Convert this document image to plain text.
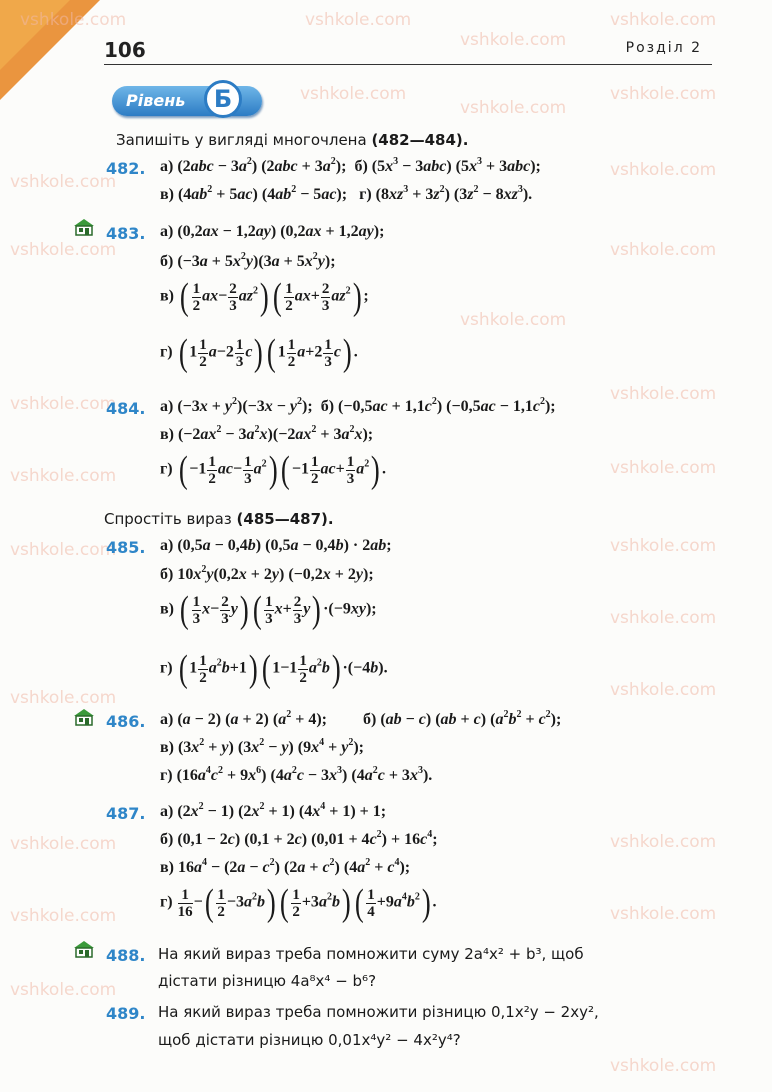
vshkole.com	vshkole.com
vshkole.com
vshkole.com
vshkole.com
vshkole.com
vshkole.com
vshkole.com
vshkole.com
vshkole.com	vshkole.com
vshkole.com
vshkole.com	vshkole.com
vshkole.com	vshkole.com
vshkole.com	vshkole.com
vshkole.com
vshkole.com	vshkole.com
vshkole.com	vshkole.com
vshkole.com	vshkole.com
vshkole.com
vshkole.com
106	Розділ 2
Рівень	Б
Запишіть у вигляді многочлена (482—484).
482. а) $(2abc - 3a^2)$ $(2abc + 3a^2)$;  б) $(5x^3 - 3abc) (5x^3 + 3abc)$;
в) $(4ab^2 + 5ac) (4ab^2 - 5ac)$;   г) $(8xz^3 + 3z^2) (3z^2 - 8xz^3)$.
483. а) (0,2ax − 1,2ay) (0,2ax + 1,2ay);
б) $(-3a + 5x^2y)(3a + 5x^2y)$;
в) ( $\frac{1}{2} ax- \frac{2}{3} az^2)( \frac{1}{2} ax+ \frac{2}{3} az^2)$ ;
г) ( $1 \frac{1}{2} a-2 \frac{1}{3} c$)( $1 \frac{1}{2} a+2 \frac{1}{3} c$) .
484. а) $(-3x + y^2)(-3x - y^2)$;  б) $(-0,5ac + 1,1c^2)$ $(-0,5ac - 1,1c^2)$;
в) $(-2ax^2 - 3a^2x)(-2ax^2 + 3a^2x)$;
г) ( $-1 \frac{1}{2} ac- \frac{1}{3} a^2)( -1 \frac{1}{2} ac+ \frac{1}{3} a^2)$ .
Спростіть вираз (485—487).
485. а) (0,5a − 0,4b) (0,5a − 0,4b) · 2ab;
б) $10x^2y(0,2x + 2y) (-0,2x + 2y)$;
в) ( $\frac{1}{3} x- \frac{2}{3} y)( \frac{1}{3} x+ \frac{2}{3} y) \cdot(-9xy)$;
г) ( $1 \frac{1}{2} a^2b+1$)( $1-1 \frac{1}{2} a^2b) \cdot(-4b)$.
486. а) (a − 2) (a + 2) $(a^2 + 4)$;         б) (ab − c) (ab + c) $(a^2b^2 + c^2)$;
в) $(3x^2 + y) (3x^2 - y) (9x^4 + y^2)$;
г) $(16a^4c^2 + 9x^6) (4a^2c - 3x^3) (4a^2c + 3x^3)$.
487. а) $(2x^2 - 1) (2x^2 + 1) (4x^4 + 1) + 1$;
б) (0,1 − 2c) (0,1 + 2c) $(0,01 + 4c^2) + 16c^4$;
в) $16a^4 - (2a - c^2) (2a + c^2) (4a^2 + c^4)$;
$г) \frac{1}{16}$ −( $\frac{1}{2} -3a^2b)( \frac{1}{2} +3a^2b)( \frac{1}{4} +9a^4b^2)$ .
488. На який вираз треба помножити суму 2a⁴x² + b³, щоб
дістати різницю 4a⁸x⁴ − b⁶?
489. На який вираз треба помножити різницю 0,1x²y − 2xy²,
щоб дістати різницю 0,01x⁴y² − 4x²y⁴?
